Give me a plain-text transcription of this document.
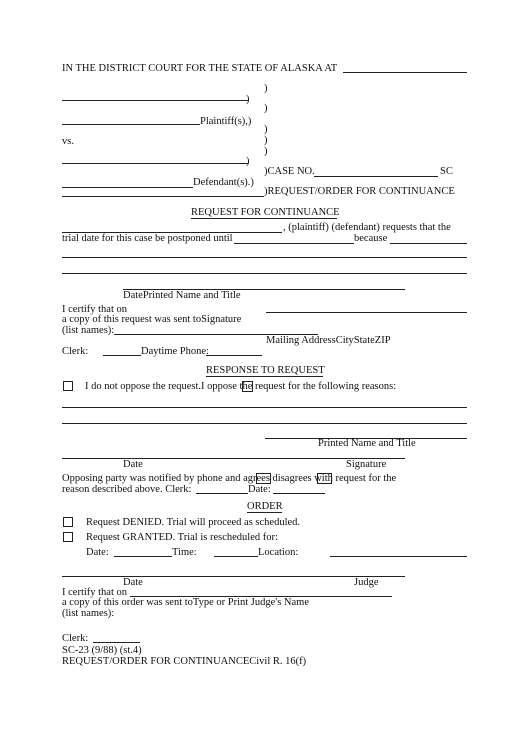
IN THE DISTRICT COURT FOR THE STATE OF ALASKA AT
)
)
)
Plaintiff(s),)
)
vs.	)
)
)
)CASE NO.	SC
Defendant(s).)
)REQUEST/ORDER FOR CONTINUANCE
REQUEST FOR CONTINUANCE
, (plaintiff) (defendant) requests that the
trial date for this case be postponed until	because
DatePrinted Name and Title
I certify that on
a copy of this request was sent toSignature
(list names):
Mailing AddressCityStateZIP
Clerk:	Daytime Phone:
RESPONSE TO REQUEST
I do not oppose the request.I oppose the request for the following reasons:
Printed Name and Title
Date	Signature
Opposing party was notified by phone and agrees disagrees with request for the
reason described above. Clerk:	Date:
ORDER
Request DENIED. Trial will proceed as scheduled.
Request GRANTED. Trial is rescheduled for:
Date:	Time:	Location:
Date	Judge
I certify that on
a copy of this order was sent toType or Print Judge's Name
(list names):
Clerk:
SC-23 (9/88) (st.4)
REQUEST/ORDER FOR CONTINUANCECivil R. 16(f)
